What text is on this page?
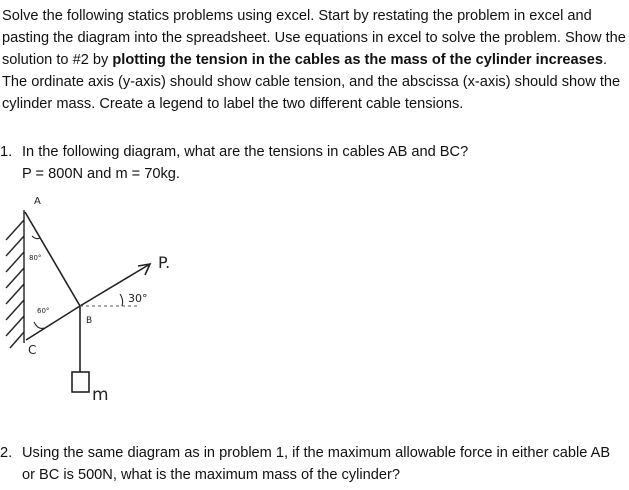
Solve the following statics problems using excel. Start by restating the problem in excel and pasting the diagram into the spreadsheet. Use equations in excel to solve the problem. Show the solution to #2 by plotting the tension in the cables as the mass of the cylinder increases. The ordinate axis (y-axis) should show cable tension, and the abscissa (x-axis) should show the cylinder mass. Create a legend to label the two different cable tensions.

1. In the following diagram, what are the tensions in cables AB and BC?
P = 800N and m = 70kg.
A
B
C
P.
m
80°
60°
30°
2. Using the same diagram as in problem 1, if the maximum allowable force in either cable AB or BC is 500N, what is the maximum mass of the cylinder?
